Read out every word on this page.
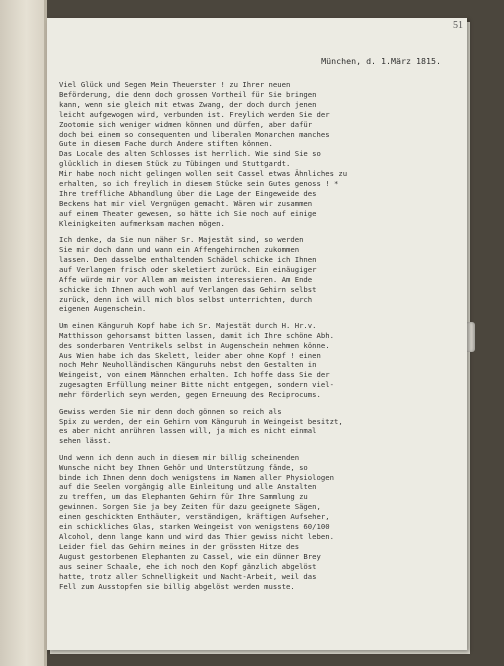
51
München, d. 1.März 1815.
Viel Glück und Segen Mein Theuerster ! zu Ihrer neuen
Beförderung, die denn doch grossen Vortheil für Sie bringen
kann, wenn sie gleich mit etwas Zwang, der doch durch jenen
leicht aufgewogen wird, verbunden ist. Freylich werden Sie der
Zootomie sich weniger widmen können und dürfen, aber dafür
doch bei einem so consequenten und liberalen Monarchen manches
Gute in diesem Fache durch Andere stiften können.
Das Locale des alten Schlosses ist herrlich. Wie sind Sie so
glücklich in diesem Stück zu Tübingen und Stuttgardt.
Mir habe noch nicht gelingen wollen seit Cassel etwas Ähnliches zu
erhalten, so ich freylich in diesem Stücke sein Gutes genoss ! *
Ihre treffliche Abhandlung über die Lage der Eingeweide des
Beckens hat mir viel Vergnügen gemacht. Wären wir zusammen
auf einem Theater gewesen, so hätte ich Sie noch auf einige
Kleinigkeiten aufmerksam machen mögen.
Ich denke, da Sie nun näher Sr. Majestät sind, so werden
Sie mir doch dann und wann ein Affengehirnchen zukommen
lassen. Den dasselbe enthaltenden Schädel schicke ich Ihnen
auf Verlangen frisch oder skeletiert zurück. Ein einäugiger
Affe würde mir vor Allem am meisten interessieren. Am Ende
schicke ich Ihnen auch wohl auf Verlangen das Gehirn selbst
zurück, denn ich will mich blos selbst unterrichten, durch
eigenen Augenschein.
Um einen Känguruh Kopf habe ich Sr. Majestät durch H. Hr.v.
Matthisson gehorsamst bitten lassen, damit ich Ihre schöne Abh.
des sonderbaren Ventrikels selbst in Augenschein nehmen könne.
Aus Wien habe ich das Skelett, leider aber ohne Kopf ! einen
noch Mehr Neuholländischen Känguruhs nebst den Gestalten in
Weingeist, von einem Männchen erhalten. Ich hoffe dass Sie der
zugesagten Erfüllung meiner Bitte nicht entgegen, sondern viel-
mehr förderlich seyn werden, gegen Erneuung des Reciprocums.
Gewiss werden Sie mir denn doch gönnen so reich als
Spix zu werden, der ein Gehirn vom Känguruh in Weingeist besitzt,
es aber nicht anrühren lassen will, ja mich es nicht einmal
sehen lässt.
Und wenn ich denn auch in diesem mir billig scheinenden
Wunsche nicht bey Ihnen Gehör und Unterstützung fände, so
binde ich Ihnen denn doch wenigstens im Namen aller Physiologen
auf die Seelen vorgängig alle Einleitung und alle Anstalten
zu treffen, um das Elephanten Gehirn für Ihre Sammlung zu
gewinnen. Sorgen Sie ja bey Zeiten für dazu geeignete Sägen,
einen geschickten Enthäuter, verständigen, kräftigen Aufseher,
ein schickliches Glas, starken Weingeist von wenigstens 60/100
Alcohol, denn lange kann und wird das Thier gewiss nicht leben.
Leider fiel das Gehirn meines in der grössten Hitze des
August gestorbenen Elephanten zu Cassel, wie ein dünner Brey
aus seiner Schaale, ehe ich noch den Kopf gänzlich abgelöst
hatte, trotz aller Schnelligkeit und Nacht-Arbeit, weil das
Fell zum Ausstopfen sie billig abgelöst werden musste.
